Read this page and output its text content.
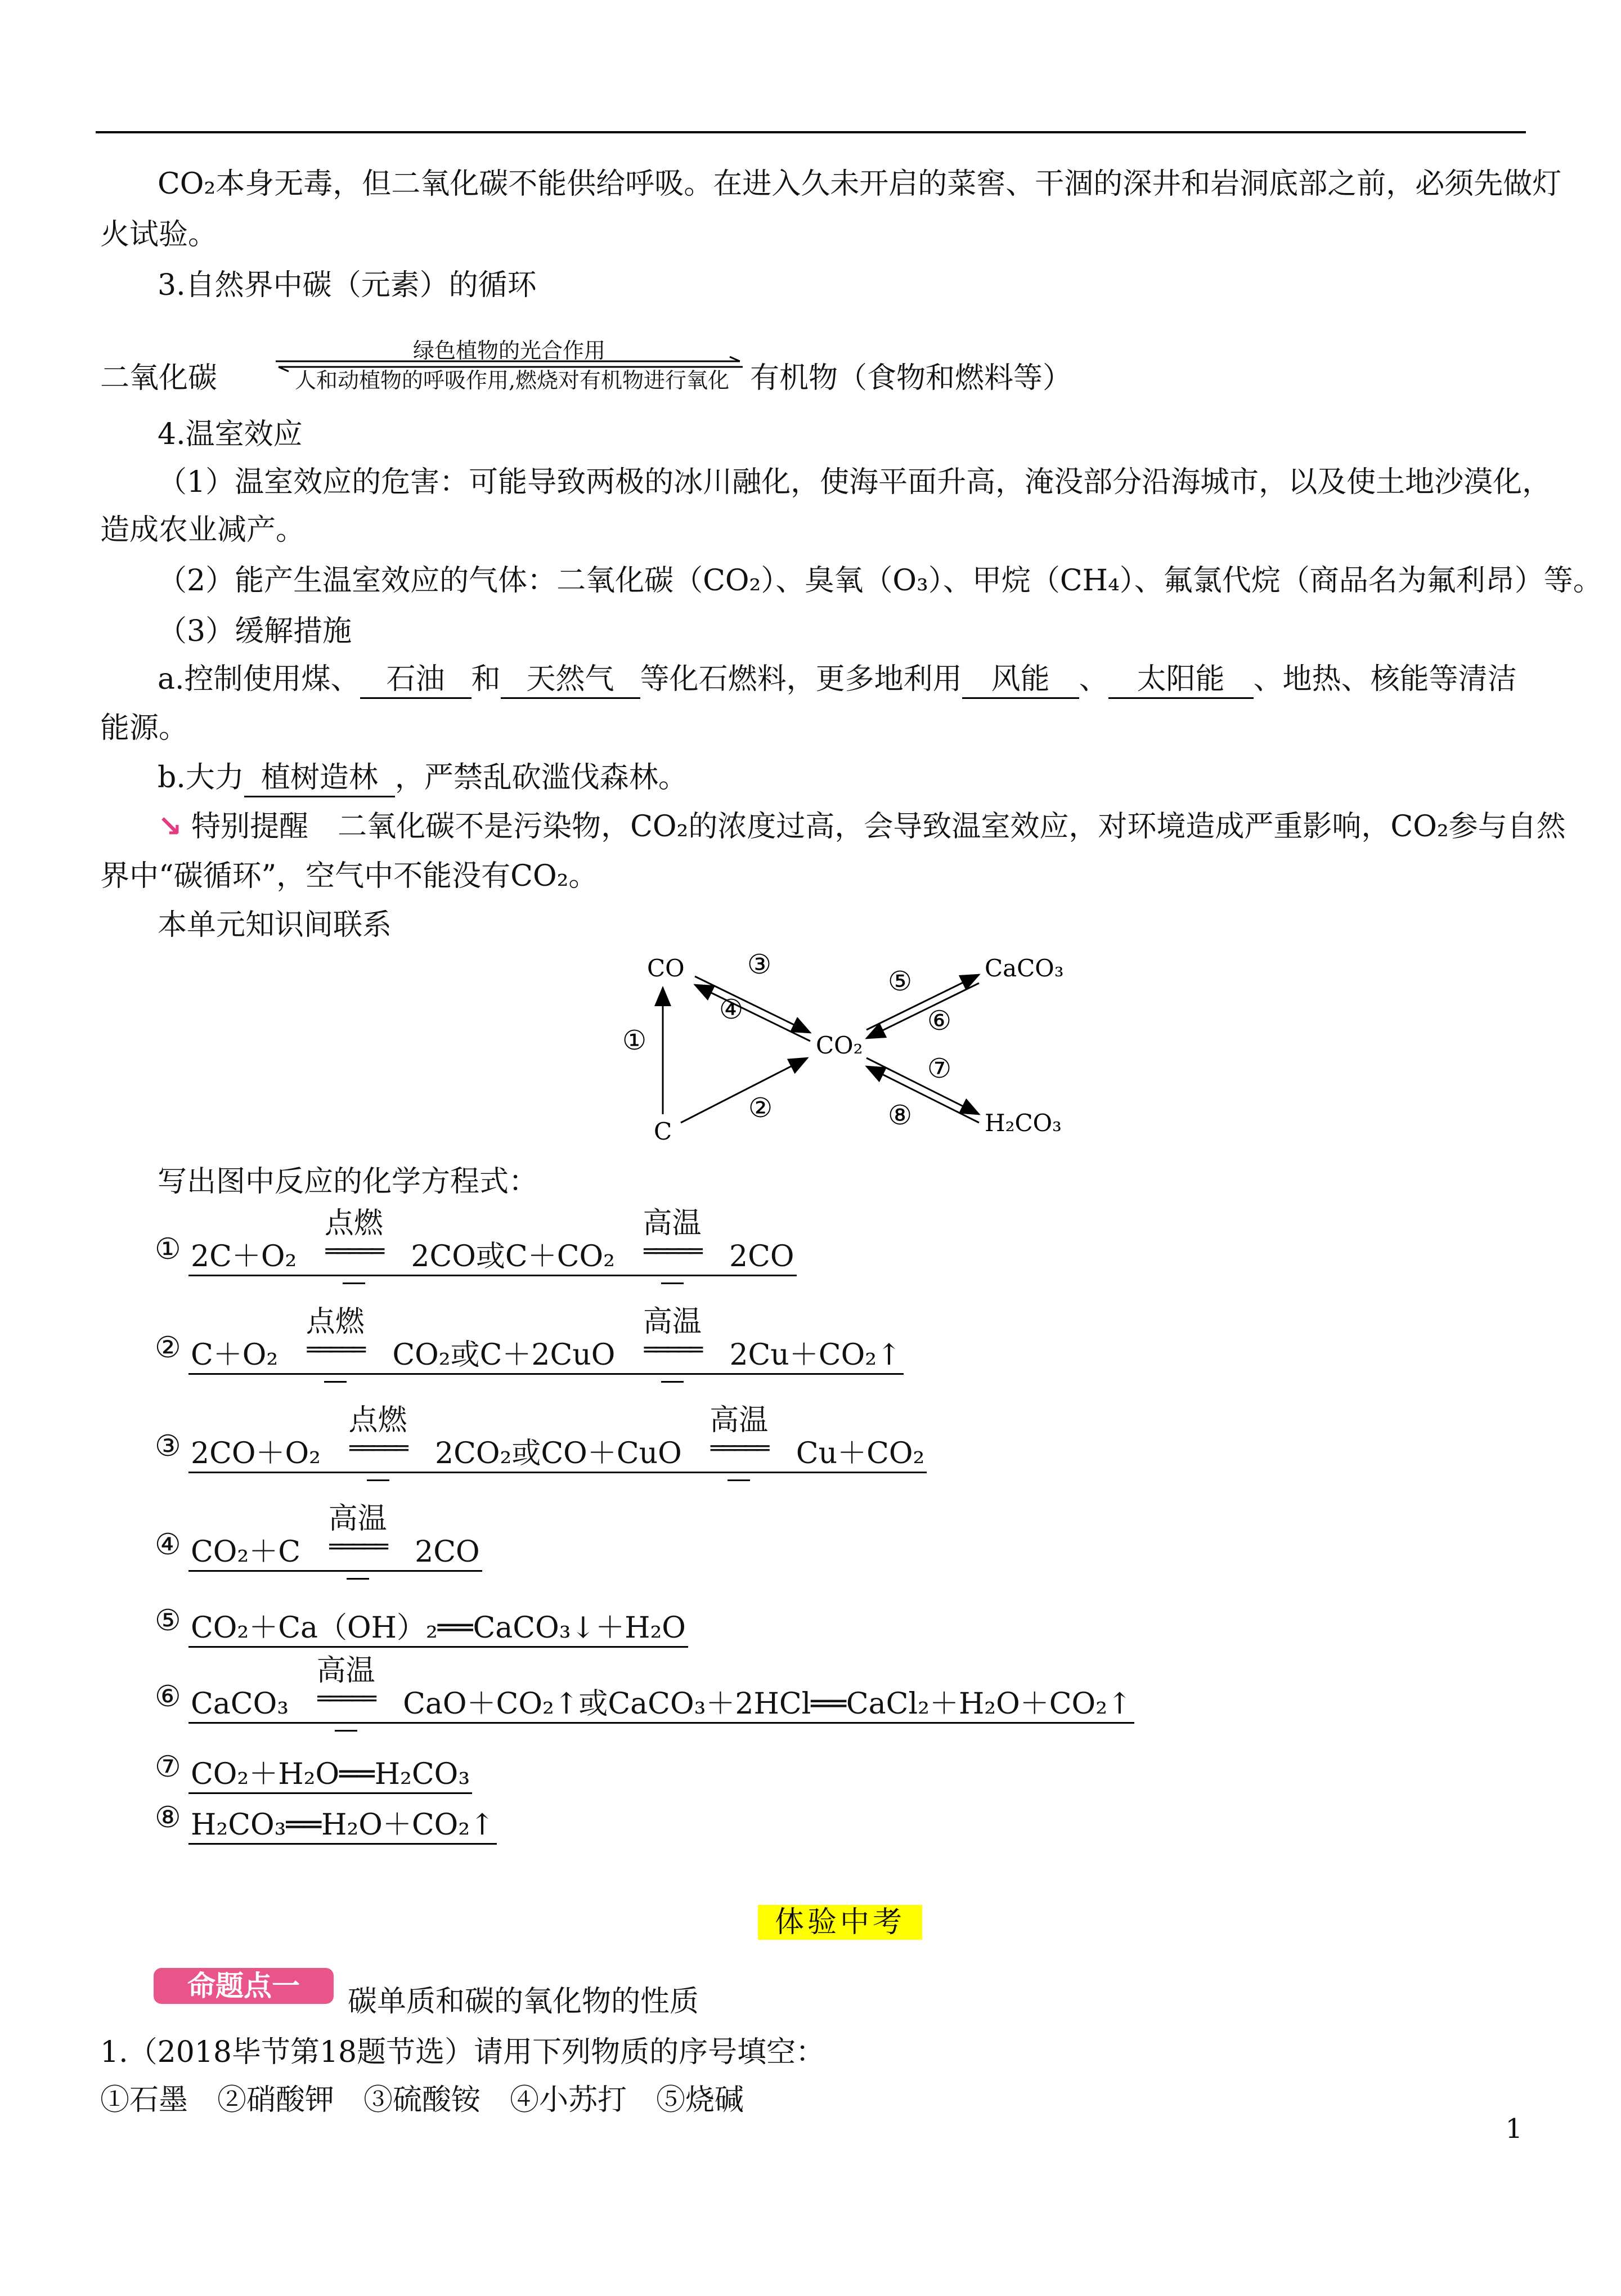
CO₂本身无毒，但二氧化碳不能供给呼吸。在进入久未开启的菜窖、干涸的深井和岩洞底部之前，必须先做灯
火试验。
3.自然界中碳（元素）的循环
二氧化碳
绿色植物的光合作用
人和动植物的呼吸作用,燃烧对有机物进行氧化 有机物（食物和燃料等）
4.温室效应
（1）温室效应的危害：可能导致两极的冰川融化，使海平面升高，淹没部分沿海城市，以及使土地沙漠化，
造成农业减产。
（2）能产生温室效应的气体：二氧化碳（CO₂）、臭氧（O₃）、甲烷（CH₄）、氟氯代烷（商品名为氟利昂）等。
（3）缓解措施
a.控制使用煤、 石油 和 天然气 等化石燃料，更多地利用 风能 、 太阳能 、地热、核能等清洁
能源。
b.大力 植树造林 ，严禁乱砍滥伐森林。
↘ 特别提醒　 二氧化碳不是污染物，CO₂的浓度过高，会导致温室效应，对环境造成严重影响，CO₂参与自然
界中“碳循环”，空气中不能没有CO₂。
本单元知识间联系
CO
CO₂
C
CaCO₃
H₂CO₃
①
②
③
④
⑤
⑥
⑦
⑧
写出图中反应的化学方程式：
① 2C＋O₂
点燃
═════ 2CO或C＋CO₂
高温
═════ 2CO
② C＋O₂
点燃
═════ CO₂或C＋2CuO
高温
═════ 2Cu＋CO₂↑
③ 2CO＋O₂
点燃
═════ 2CO₂或CO＋CuO
高温
═════ Cu＋CO₂
④ CO₂＋C
高温
═════ 2CO
⑤ CO₂＋Ca（OH）₂══CaCO₃↓＋H₂O
⑥ CaCO₃
高温
═════ CaO＋CO₂↑或CaCO₃＋2HCl══CaCl₂＋H₂O＋CO₂↑
⑦ CO₂＋H₂O══H₂CO₃
⑧ H₂CO₃══H₂O＋CO₂↑
体验中考
命题点一	碳单质和碳的氧化物的性质
1.（2018毕节第18题节选）请用下列物质的序号填空：
①石墨　②硝酸钾　③硫酸铵　④小苏打　⑤烧碱
1
